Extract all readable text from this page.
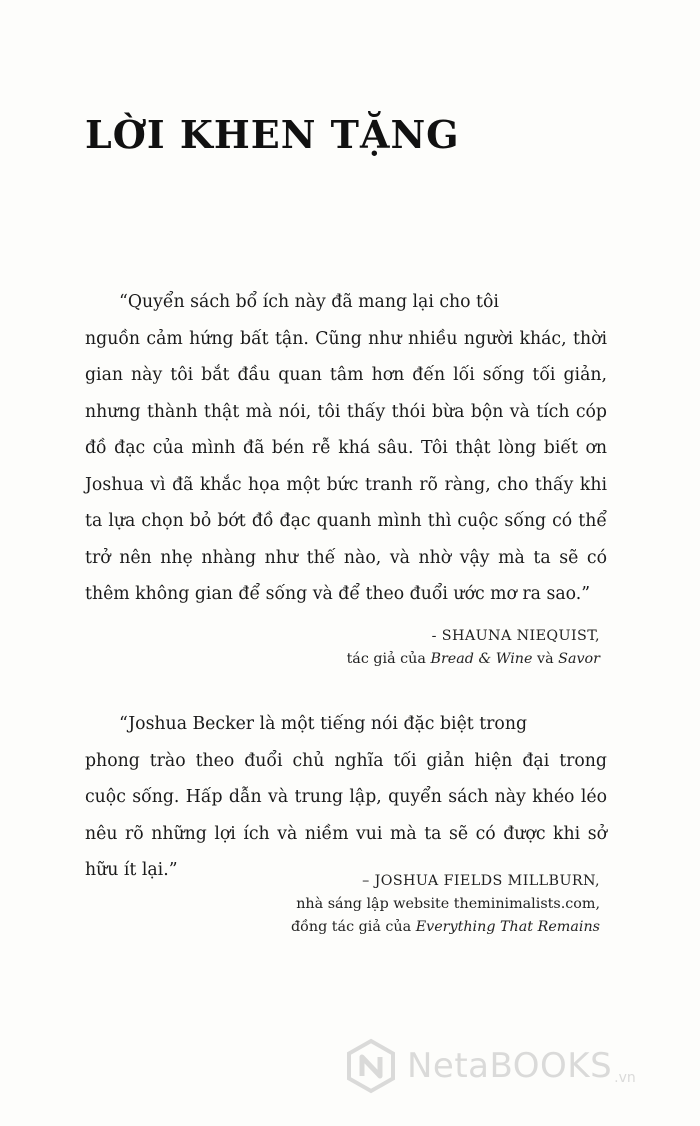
LỜI KHEN TẶNG

“Quyển sách bổ ích này đã mang lại cho tôi
nguồn cảm hứng bất tận. Cũng như nhiều người khác, thời gian này tôi bắt đầu quan tâm hơn đến lối sống tối giản, nhưng thành thật mà nói, tôi thấy thói bừa bộn và tích cóp đồ đạc của mình đã bén rễ khá sâu. Tôi thật lòng biết ơn Joshua vì đã khắc họa một bức tranh rõ ràng, cho thấy khi ta lựa chọn bỏ bớt đồ đạc quanh mình thì cuộc sống có thể trở nên nhẹ nhàng như thế nào, và nhờ vậy mà ta sẽ có thêm không gian để sống và để theo đuổi ước mơ ra sao.”

- SHAUNA NIEQUIST,
tác giả của Bread & Wine và Savor

“Joshua Becker là một tiếng nói đặc biệt trong
phong trào theo đuổi chủ nghĩa tối giản hiện đại trong cuộc sống. Hấp dẫn và trung lập, quyển sách này khéo léo nêu rõ những lợi ích và niềm vui mà ta sẽ có được khi sở hữu ít lại.”

– JOSHUA FIELDS MILLBURN,
nhà sáng lập website theminimalists.com,
đồng tác giả của Everything That Remains
NetaBOOKS .vn
